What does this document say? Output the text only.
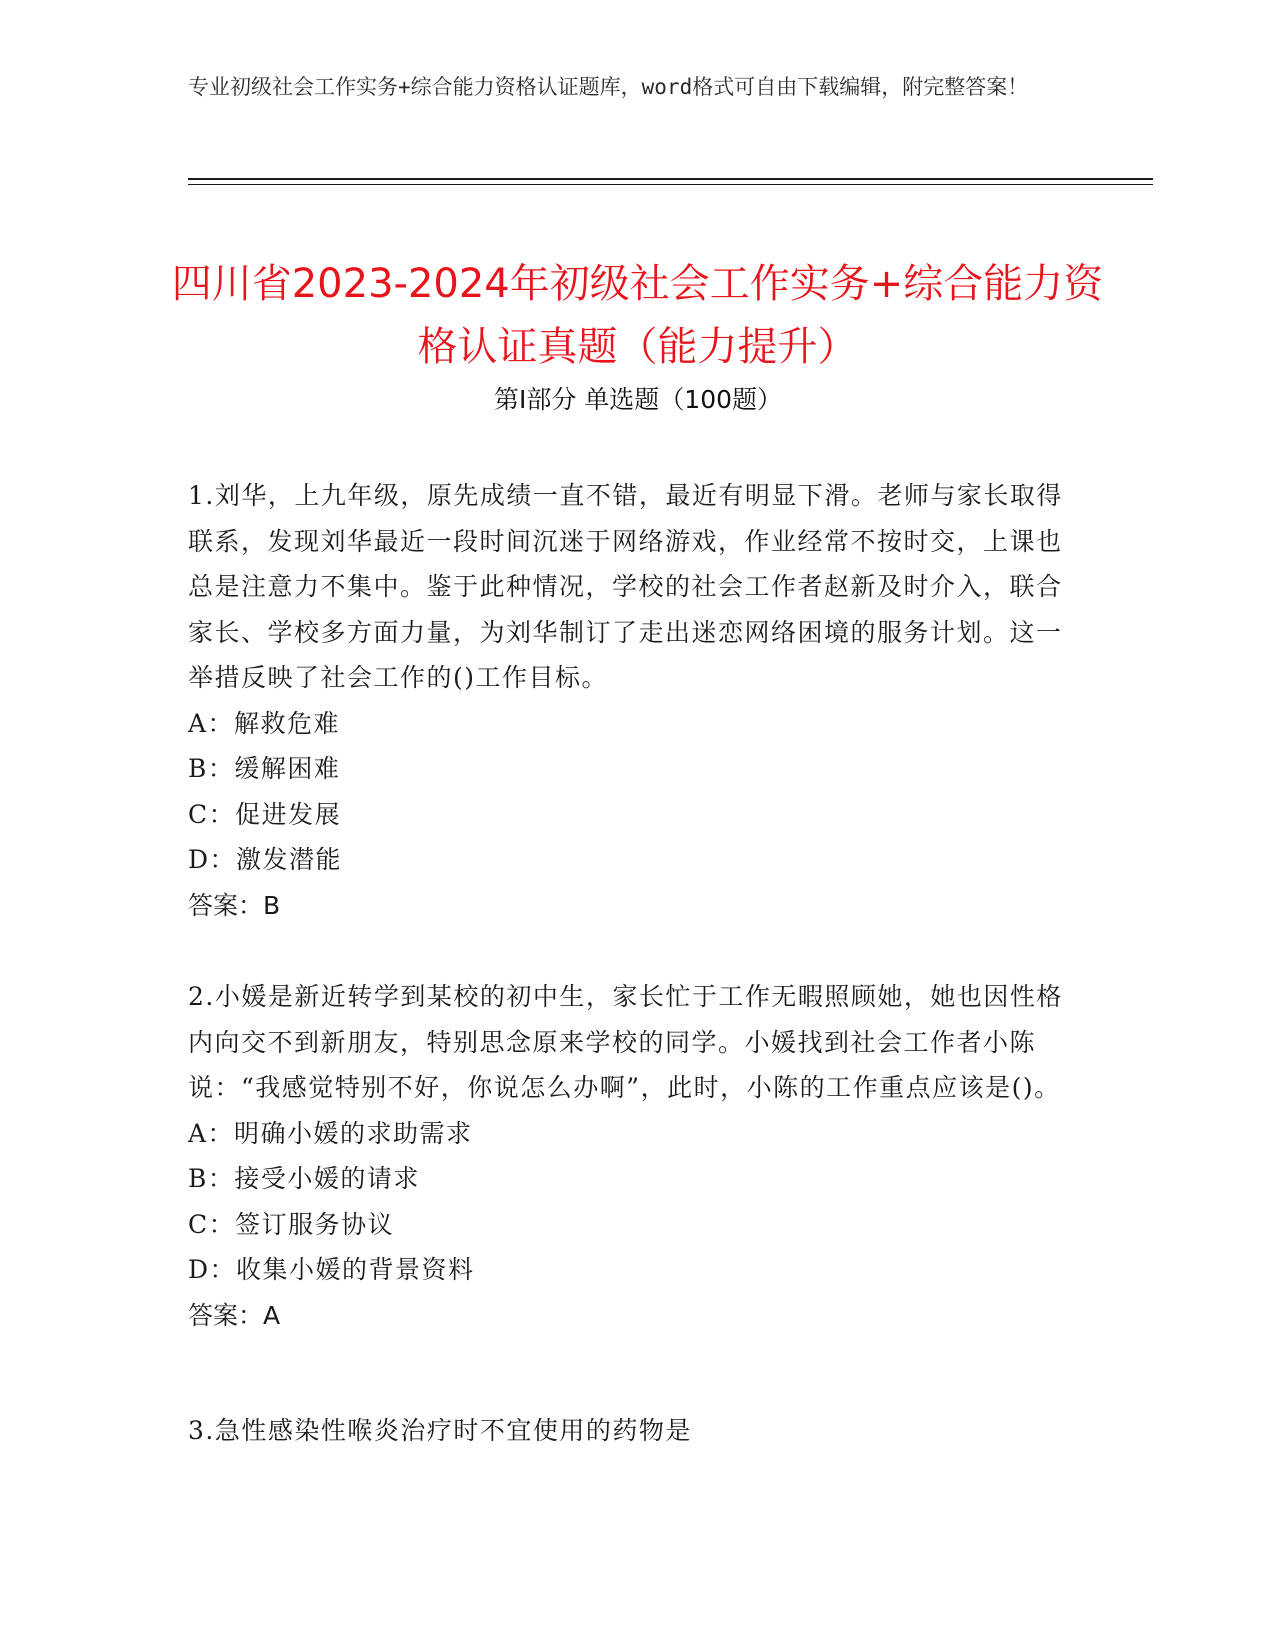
专业初级社会工作实务+综合能力资格认证题库，word格式可自由下载编辑，附完整答案！
四川省2023-2024年初级社会工作实务+综合能力资格认证真题（能力提升）
第Ⅰ部分 单选题（100题）

1.刘华，上九年级，原先成绩一直不错，最近有明显下滑。老师与家长取得联系，发现刘华最近一段时间沉迷于网络游戏，作业经常不按时交，上课也总是注意力不集中。鉴于此种情况，学校的社会工作者赵新及时介入，联合家长、学校多方面力量，为刘华制订了走出迷恋网络困境的服务计划。这一举措反映了社会工作的()工作目标。

A：解救危难

B：缓解困难

C：促进发展

D：激发潜能

答案：B

2.小媛是新近转学到某校的初中生，家长忙于工作无暇照顾她，她也因性格内向交不到新朋友，特别思念原来学校的同学。小媛找到社会工作者小陈说：“我感觉特别不好，你说怎么办啊”，此时，小陈的工作重点应该是()。

A：明确小媛的求助需求

B：接受小媛的请求

C：签订服务协议

D：收集小媛的背景资料

答案：A

3.急性感染性喉炎治疗时不宜使用的药物是
